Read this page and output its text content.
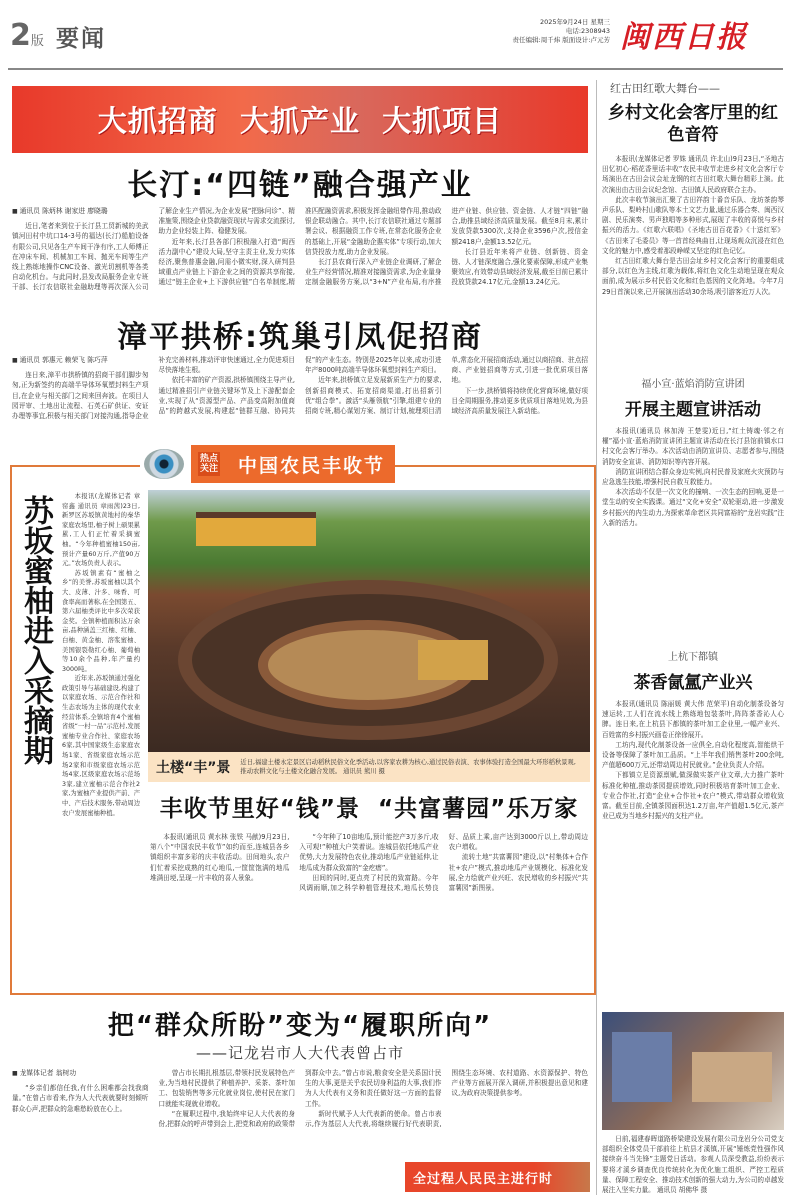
2版 要闻
2025年9月24日 星期三
电话:2308943
责任编辑:周千炜 版面设计:卢元芳 闽西日报
大抓招商  大抓产业  大抓项目
长汀:“四链”融合强产业
■ 通讯员 陈炳林 谢家进 廖晓璐

近日,笔者来到位于长汀县工贸新城的美武镇河田村中坑口14-3号的福达(长汀)船舶设备有限公司,只见各生产车间干净有序,工人师傅正在冲床车间、机械加工车间、抛光车间等生产线上熟练地操作CNC设备、激光切割机等各类自动化机台。与此同时,县发改局服务企业专班干部、长汀农信联社金融助理等再次深入公司了解企业生产情况,为企业发展“把脉问诊”、精准施策,围绕企业贷款融资现状与需求交流探讨,助力企业轻装上阵、稳健发展。

近年来,长汀县各部门积极融入打造“闽西活力副中心”建设大局,坚守主责主业,发力实体经济,聚焦普惠金融,问需小微实财,深入研判县域重点产业链上下游企业之间的资源共享衔接,通过“链主企业+上下游供应链”白名单制度,精准匹配融资需求,积极发挥金融纽带作用,推动政银企联动融合。其中,长汀农信联社通过专题部署会议、根据融资工作专班,在常态化服务企业的基础上,开展“金融助企惠实体”专项行动,加大信贷投放力度,助力企业发展。

长汀县农商行深入产业链企业调研,了解企业生产经营情况,精准对接融资需求,为企业量身定制金融服务方案,以“3+N”产业布局,有序推进产业链、供应链、资金链、人才链“四链”融合,助推县域经济高质量发展。截至8月末,累计发放贷款5300次,支持企业3596户次,授信金额2418户,金额13.52亿元。

长汀县近年来将产业链、创新链、资金链、人才链深度融合,强化要素保障,形成产业集聚效应,有效带动县域经济发展,截至目前已累计投放贷款24.17亿元,金额13.24亿元。

漳平拱桥:筑巢引凤促招商
■ 通讯员 郭惠元 赖荣飞 陈巧萍

连日来,漳平市拱桥镇的招商干部们脚步匆匆,正为新签约的高端半导体环氧塑封料生产项目,在企业与相关部门之间来回奔波。在项目人园评审、土地出让流程、石英石矿供证、安证办理等事宜,积极与相关部门对接沟通,指导企业补充完善材料,推动评审快速通过,全力促进项目尽快落地生根。

依托丰富的矿产资源,拱桥镇围绕主导产业,通过精准招引产业链关键环节及上下游配套企业,实现了从“资源型产品、产品变高附加值商品”的跨越式发展,构建起“链群互融、协同共促”的产业生态。特别是2025年以来,成功引进年产8000吨高端半导体环氧塑封料生产项目。

近年来,拱桥镇立足发展新质生产力的要求,创新招商模式、拓宽招商渠道,打出招新引优“组合拳”。激活“头雁领航”引擎,组建专业的招商专班,精心谋划方案、制订计划,梳理项目清单,常态化开展招商活动,通过以商招商、驻点招商、产业链招商等方式,引进一批优质项目落地。

下一步,拱桥镇将持续优化营商环境,做好项目全周期服务,推动更多优质项目落地见效,为县域经济高质量发展注入新动能。

热点
关注 中国农民丰收节
苏坂蜜柚进入采摘期	本报讯(龙媒体记者 章窑鑫 通讯员 章雨茜)23日,新罗区苏坂镇黄地村的秦华家庭农场里,柚子树上硕果累累,工人们正忙着采摘蜜柚。“今年种植蜜柚150亩,预计产量60万斤,产值90万元。”农场负责人表示。

苏坂镇素有“蜜柚之乡”的美誉,苏坂蜜柚以其个大、皮薄、汁多、味香、可食率高而著称,在全国第五、第六届柚类评比中多次荣获金奖。全镇种植面积达万余亩,品种涵盖三红柚、红柚、白柚、黄金柚、溶浆蜜柚、美国银裂勒红心柚、葡萄柚等10余个品种,年产量约3000吨。

近年来,苏坂镇通过强化政策引导与基础建设,构建了以家庭农场、示范合作社和生态农场为主体的现代农业经营体系,全镇培育4个蜜柚省级“一村一品”示范村,发展蜜柚专业合作社、家庭农场6家,其中国家级生态家庭农场1家、省级家庭农场示范场2家和市级家庭农场示范场4家,区级家庭农场示范场3家,建立蜜柚示范合作社2家,为蜜柚产业提供产前、产中、产后技术服务,带动周边农户发展蜜柚种植。

土楼“丰”景 近日,福建土楼永定景区启动稻秋民俗文化季活动,以客家农耕为核心,通过民俗表演、农事体验打造全国最大环形稻秋景观,推动农耕文化与土楼文化融合发展。 通讯员 熊川 摄
丰收节里好“钱”景  “共富薯园”乐万家

本报讯(通讯员 黄水林 张铁 马献)9月23日,第八个“中国农民丰收节”如约而至,连城县各乡镇组织丰富多彩的庆丰收活动。田间地头,农户们忙着采挖成熟的红心地瓜,一筐筐饱满的地瓜堆满田埂,呈现一片丰收的喜人景象。

“今年种了10亩地瓜,预计能挖产3万多斤,收入可观!”种植大户笑着说。连城县依托地瓜产业优势,大力发展特色农业,推动地瓜产业链延伸,让地瓜成为群众致富的“金疙瘩”。

田间的同时,更点亮了村民的致富路。今年风调雨顺,加之科学种植管理技术,地瓜长势良好、品质上乘,亩产达到3000斤以上,带动周边农户增收。

流转土地“共富薯园”建设,以“村集体+合作社+农户”模式,推动地瓜产业规模化、标准化发展,全力绘就产业兴旺、农民增收的乡村振兴“共富薯园”新图景。

把“群众所盼”变为“履职所向”
——记龙岩市人大代表曾占市
■ 龙媒体记者 翁树功

“乡亲们都信任我,有什么困难都会找我商量。”在曾占市看来,作为人大代表就要时刻倾听群众心声,把群众的急难愁盼放在心上。

曾占市长期扎根基层,带领村民发展特色产业,为当地村民提供了种植养护、采茶、茶叶加工、包装销售等多元化就业岗位,使村民在家门口就能实现就业增收。

“在履职过程中,我始终牢记人大代表的身份,把群众的呼声带到会上,把党和政府的政策带到群众中去。”曾占市说,粮食安全是关系国计民生的大事,更是关乎农民切身利益的大事,我们作为人大代表有义务和责任做好这一方面的监督工作。

新时代赋予人大代表新的使命。曾占市表示,作为基层人大代表,将继续履行好代表职责,围绕生态环境、农村道路、水资源保护、特色产业等方面展开深入调研,并积极提出意见和建议,为政府决策提供参考。

全过程人民民主进行时
红古田红歌大舞台——
乡村文化会客厅里的红色音符

本报讯(龙媒体记者 罗姝 通讯员 许北山)9月23日,“圣地古田忆初心·稻花香里话丰收”农民丰收节走进乡村文化会客厅专场演出在古田会议会址龙钢的红古田红歌大舞台精彩上演。此次演出由古田会议纪念馆、古田镇人民政府联合主办。

此次丰收节演出汇聚了古田祥韵十番音乐队、龙坊茶韵琴声乐队、梨岭村山歌队等本土文艺力量,通过乐器合奏、闽西汉剧、民乐演奏、男声独唱等多种形式,展现了丰收的喜悦与乡村振兴的活力。《红歌六联唱》《圣地古田百花香》《十送红军》《古田来了毛委员》等一首首经典曲目,让现场观众沉浸在红色文化的魅力中,感受着那段峥嵘又坚定的红色记忆。

红古田红歌大舞台是古田会址乡村文化会客厅的重要组成部分,以红色为主线,红歌为载体,将红色文化生动地呈现在观众面前,成为展示乡村民俗文化和红色基因的文化阵地。今年7月29日首演以来,已开展演出活动30余场,吸引游客近万人次。

福小宣·蓝焰消防宣讲团
开展主题宣讲活动

本报讯(通讯员 林加涛 王楚雯)近日,“红土铸魂·邻之有櫂”福小宣·蓝焰消防宣讲团主题宣讲活动在长汀县馆前镇水口村文化会客厅举办。本次活动由消防宣讲员、志愿者参与,围绕消防安全宣讲、消防知识等内容开展。

消防宣讲团结合群众身边实例,向村民普及家庭火灾预防与应急逃生技能,增强村民自救互救能力。

本次活动不仅是一次文化的撞响、一次生态的回响,更是一堂生动的安全实践课。通过“文化+安全”双轮驱动,进一步激发乡村振兴的内生动力,为探索革命老区共同富裕的“龙岩实践”注入新的活力。

上杭下都镇
茶香氤氲产业兴

本报讯(通讯员 陈丽媛 黄大伟 范荣平)自动化制茶设备匀速运转,工人们在流水线上熟练地包装茶叶,阵阵茶香沁人心脾。连日来,在上杭县下都镇的茶叶加工企业里,一幅产业兴、百姓富的乡村振兴画卷正徐徐展开。

工坊内,现代化制茶设备一应俱全,自动化程度高,智能烘干设备等保障了茶叶加工品质。“上半年我们销售茶叶200余吨,产值超600万元,还带动周边村民就业。”企业负责人介绍。

下都镇立足资源禀赋,做深做实茶产业文章,大力推广茶叶标准化种植,推动茶园提质增效,同时积极培育茶叶加工企业、专业合作社,打造“企业+合作社+农户”模式,带动群众增收致富。截至目前,全镇茶园面积达1.2万亩,年产值超1.5亿元,茶产业已成为当地乡村振兴的支柱产业。

日前,福建春晖道路桥梁建设发展有限公司龙岩分公司党支部组织全体党员干部前往上杭县才溪镇,开展“锤炼党性强作风 接续奋斗当先锋”主题党日活动。参观人员深受教益,纷纷表示要将才溪乡调查优良传统转化为优化施工组织、严控工程质量、保障工程安全、推动技术创新的强大动力,为公司的卓越发展注入坚实力量。 通讯员 胡佛华 摄
